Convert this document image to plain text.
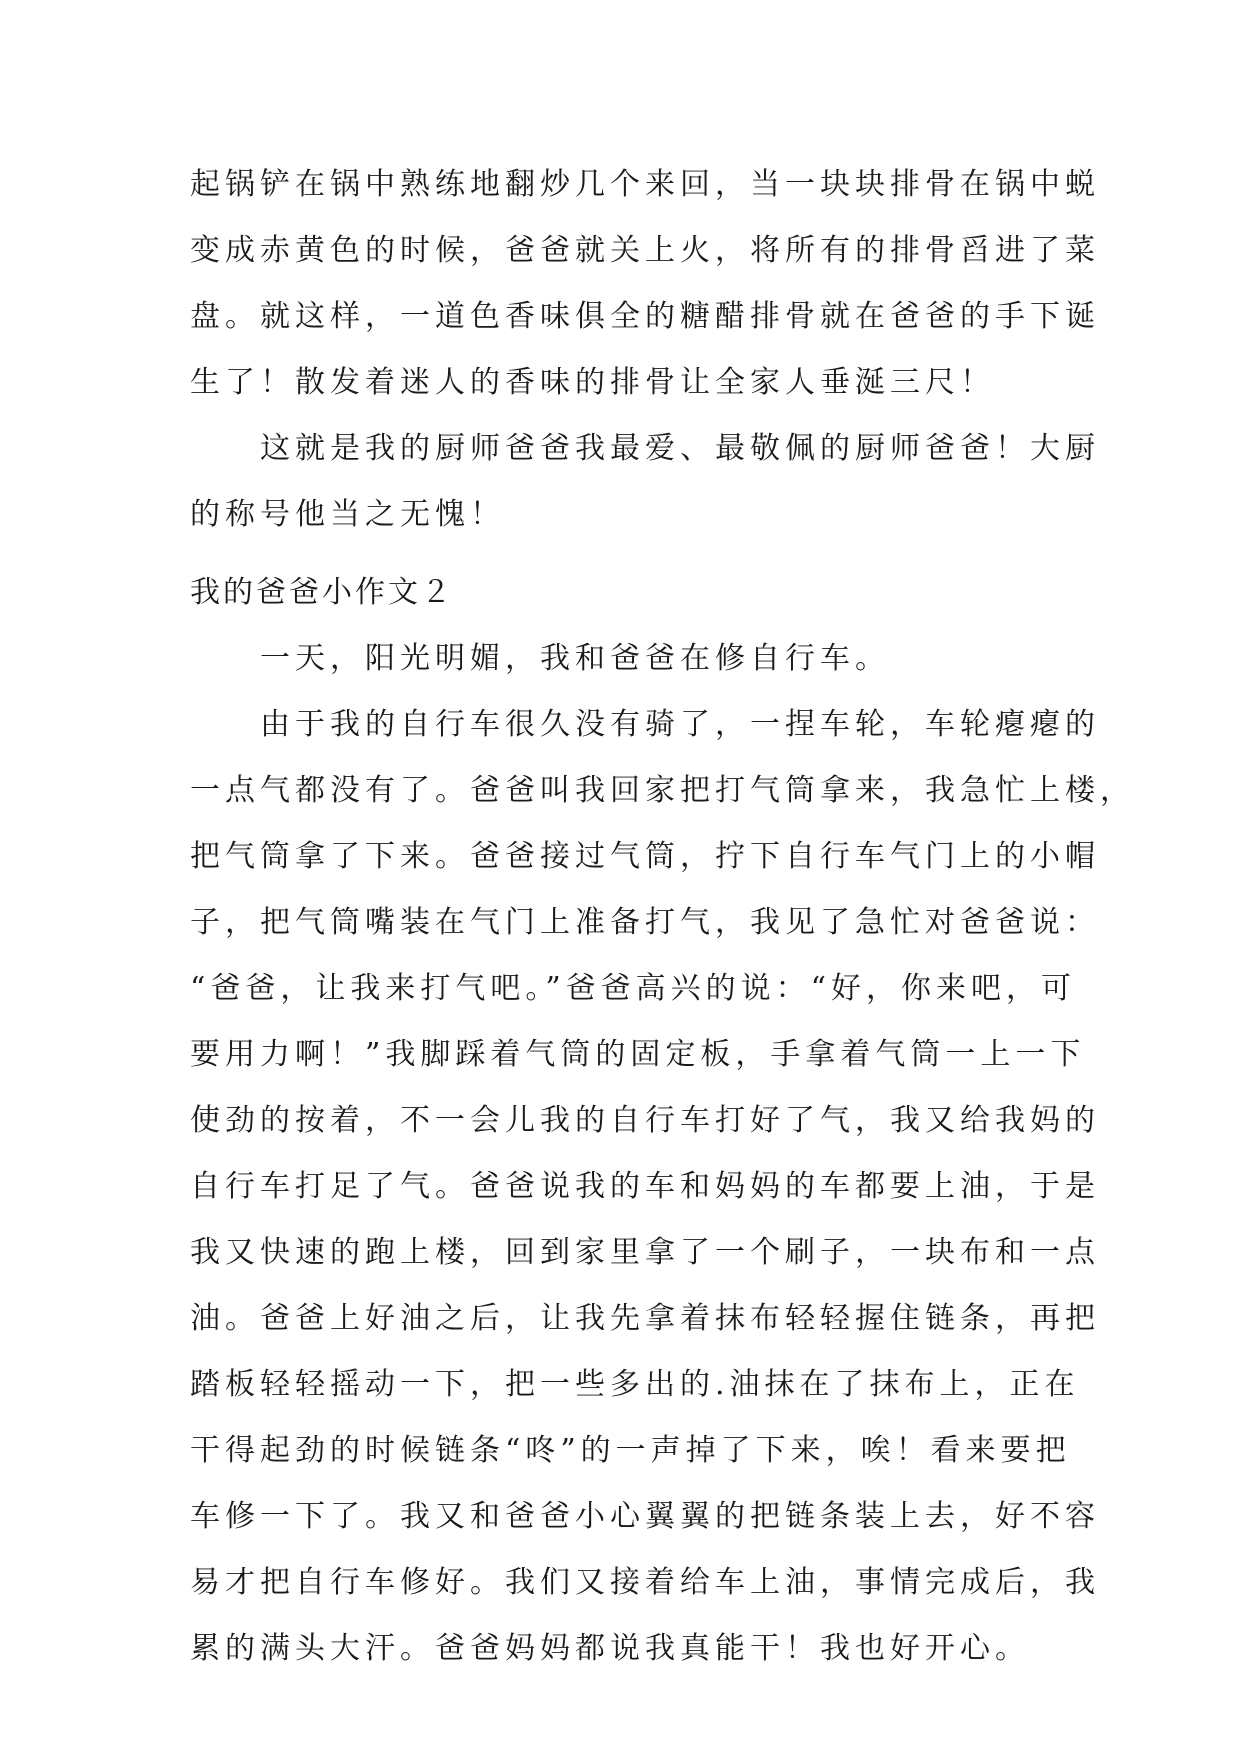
起锅铲在锅中熟练地翻炒几个来回，当一块块排骨在锅中蜕
变成赤黄色的时候，爸爸就关上火，将所有的排骨舀进了菜
盘。就这样，一道色香味俱全的糖醋排骨就在爸爸的手下诞
生了！散发着迷人的香味的排骨让全家人垂涎三尺！
　　这就是我的厨师爸爸我最爱、最敬佩的厨师爸爸！大厨
的称号他当之无愧！
我的爸爸小作文２
　　一天，阳光明媚，我和爸爸在修自行车。
　　由于我的自行车很久没有骑了，一捏车轮，车轮瘪瘪的
一点气都没有了。爸爸叫我回家把打气筒拿来，我急忙上楼，
把气筒拿了下来。爸爸接过气筒，拧下自行车气门上的小帽
子，把气筒嘴装在气门上准备打气，我见了急忙对爸爸说：
“爸爸，让我来打气吧。”爸爸高兴的说：“好，你来吧，可
要用力啊！”我脚踩着气筒的固定板，手拿着气筒一上一下
使劲的按着，不一会儿我的自行车打好了气，我又给我妈的
自行车打足了气。爸爸说我的车和妈妈的车都要上油，于是
我又快速的跑上楼，回到家里拿了一个刷子，一块布和一点
油。爸爸上好油之后，让我先拿着抹布轻轻握住链条，再把
踏板轻轻摇动一下，把一些多出的.油抹在了抹布上，正在
干得起劲的时候链条“咚”的一声掉了下来，唉！看来要把
车修一下了。我又和爸爸小心翼翼的把链条装上去，好不容
易才把自行车修好。我们又接着给车上油，事情完成后，我
累的满头大汗。爸爸妈妈都说我真能干！我也好开心。
